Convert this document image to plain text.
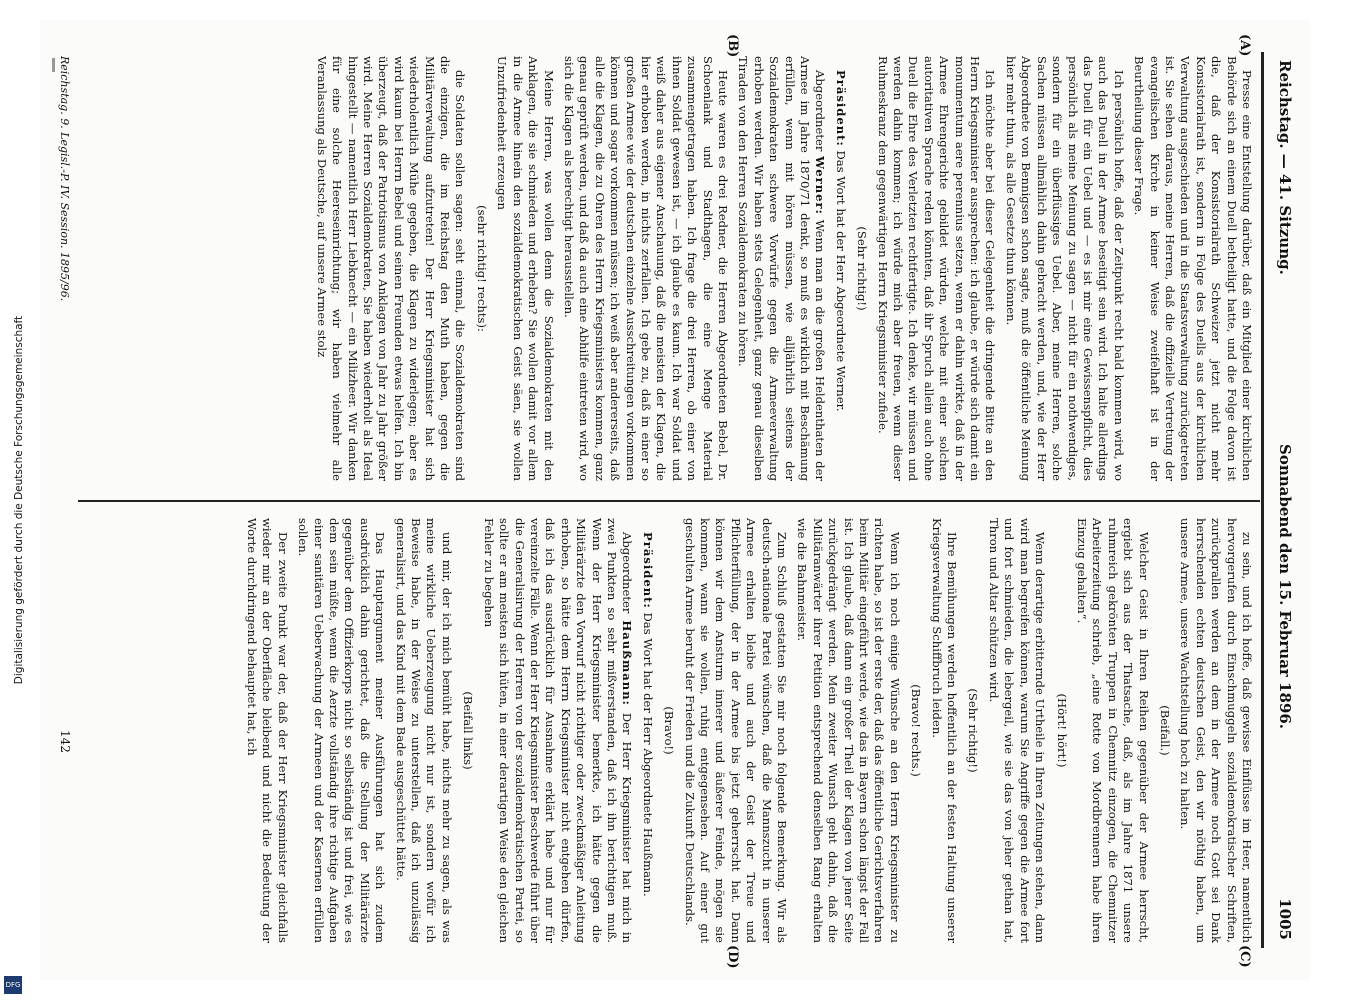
Reichstag. — 41. Sitzung.
Sonnabend den 15. Februar 1896.
1005
(A)
(B)
(C)
(D)

Presse eine Entstellung darüber, daß ein Mitglied einer kirchlichen Behörde sich an einem Duell betheiligt hatte, und die Folge davon ist die, daß der Konsistorialrath Schweizer jetzt nicht mehr Konsistorialrath ist, sondern in Folge des Duells aus der kirchlichen Verwaltung ausgeschieden und in die Staatsverwaltung zurückgetreten ist. Sie sehen daraus, meine Herren, daß die offizielle Vertretung der evangelischen Kirche in keiner Weise zweifelhaft ist in der Beurtheilung dieser Frage.

Ich persönlich hoffe, daß der Zeitpunkt recht bald kommen wird, wo auch das Duell in der Armee beseitigt sein wird. Ich halte allerdings das Duell für ein Uebel und — es ist mir eine Gewissenspflicht, dies persönlich als meine Meinung zu sagen — nicht für ein nothwendiges, sondern für ein überflüssiges Uebel. Aber, meine Herren, solche Sachen müssen allmählich dahin gebracht werden, und, wie der Herr Abgeordnete von Bennigsen schon sagte, muß die öffentliche Meinung hier mehr thun, als alle Gesetze thun können.

Ich möchte aber bei dieser Gelegenheit die dringende Bitte an den Herrn Kriegsminister aussprechen: ich glaube, er würde sich damit ein monumentum aere perennius setzen, wenn er dahin wirkte, daß in der Armee Ehrengerichte gebildet würden, welche mit einer solchen autoritativen Sprache reden könnten, daß ihr Spruch allein auch ohne Duell die Ehre des Verletzten rechtfertigte. Ich denke, wir müssen und werden dahin kommen; ich würde mich aber freuen, wenn dieser Ruhmeskranz dem gegenwärtigen Herrn Kriegsminister zufiele.

(Sehr richtig!)

Präsident: Das Wort hat der Herr Abgeordnete Werner.

Abgeordneter Werner: Wenn man an die großen Heldenthaten der Armee im Jahre 1870/71 denkt, so muß es wirklich mit Beschämung erfüllen, wenn mit hören müssen, wie alljährlich seitens der Sozialdemokraten schwere Vorwürfe gegen die Armeeverwaltung erhoben werden. Wir haben stets Gelegenheit, ganz genau dieselben Tiraden von den Herren Sozialdemokraten zu hören.

Heute waren es drei Redner, die Herren Abgeordneten Bebel, Dr. Schoenlank und Stadthagen, die eine Menge Material zusammengetragen haben. Ich frage die drei Herren, ob einer von ihnen Soldat gewesen ist, — ich glaube es kaum. Ich war Soldat und weiß daher aus eigener Anschauung, daß die meisten der Klagen, die hier erhoben werden, in nichts zerfallen. Ich gebe zu, daß in einer so großen Armee wie der deutschen einzelne Ausschreitungen vorkommen können und sogar vorkommen müssen; ich weiß aber andererseits, daß alle die Klagen, die zu Ohren des Herrn Kriegsministers kommen, ganz genau geprüft werden, und daß da auch eine Abhilfe eintreten wird, wo sich die Klagen als berechtigt herausstellen.

Meine Herren, was wollen denn die Sozialdemokraten mit den Anklagen, die sie schmieden und erheben? Sie wollen damit vor allem in die Armee hinein den sozialdemokratischen Geist säen, sie wollen Unzufriedenheit erzeugen

(sehr richtig! rechts):

die Soldaten sollen sagen: seht einmal, die Sozialdemokraten sind die einzigen, die im Reichstag den Muth haben, gegen die Militärverwaltung aufzutreten! Der Herr Kriegsminister hat sich wiederholentlich Mühe gegeben, die Klagen zu widerlegen; aber es wird kaum bei Herrn Bebel und seinen Freunden etwas helfen. Ich bin überzeugt, daß der Patriotismus von Anklagen von Jahr zu Jahr größer wird. Meine Herren Sozialdemokraten, Sie haben wiederholt als Ideal hingestellt — namentlich Herr Liebknecht — ein Milizheer. Wir danken für eine solche Heereseinrichtung; wir haben vielmehr alle Veranlassung als Deutsche, auf unsere Armee stolz

zu sein, und ich hoffe, daß gewisse Einflüsse im Heer, namentlich hervorgerufen durch Einschmuggeln sozialdemokratischer Schriften, zurückprallen werden an dem in der Armee noch Gott sei Dank herrschenden echten deutschen Geist, den wir nöthig haben, um unsere Armee, unsere Wachtstellung hoch zu halten.

(Beifall.)

Welcher Geist in Ihren Reihen gegenüber der Armee herrscht, ergiebt sich aus der Thatsache, daß, als im Jahre 1871 unsere ruhmreich gekrönten Truppen in Chemnitz einzogen, die Chemnitzer Arbeiterzeitung schrieb, „eine Rotte von Mordbrennern habe ihren Einzug gehalten“.

(Hört! hört!)

Wenn derartige erbitternde Urtheile in Ihren Zeitungen stehen, dann wird man begreifen können, warum Sie Angriffe gegen die Armee fort und fort schmieden, die lebergeil, wie sie das von jeher gethan hat, Thron und Altar schützen wird.

(Sehr richtig!)

Ihre Bemühungen werden hoffentlich an der festen Haltung unserer Kriegsverwaltung Schiffbruch leiden.

(Bravo! rechts.)

Wenn ich noch einige Wünsche an den Herrn Kriegsminister zu richten habe, so ist der erste der, daß das öffentliche Gerichtsverfahren beim Militär eingeführt werde, wie das in Bayern schon längst der Fall ist. Ich glaube, daß dann ein großer Theil der Klagen von jener Seite zurückgedrängt werden. Mein zweiter Wunsch geht dahin, daß die Militäranwärter ihrer Petition entsprechend denselben Rang erhalten wie die Bahnmeister.

Zum Schluß gestatten Sie mir noch folgende Bemerkung. Wir als deutsch-nationale Partei wünschen, daß die Mannszucht in unserer Armee erhalten bleibe und auch der Geist der Treue und Pflichterfüllung, der in der Armee bis jetzt geherrscht hat. Dann können wir dem Ansturm innerer und äußerer Feinde, mögen sie kommen, wann sie wollen, ruhig entgegensehen. Auf einer gut geschulten Armee beruht der Frieden und die Zukunft Deutschlands.

(Bravo!)

Präsident: Das Wort hat der Herr Abgeordnete Haußmann.

Abgeordneter Haußmann: Der Herr Kriegsminister hat mich in zwei Punkten so sehr mißverstanden, daß ich ihn berichtigen muß. Wenn der Herr Kriegsminister bemerkte, ich hätte gegen die Militärärzte den Vorwurf nicht richtiger oder zweckmäßiger Anleitung erhoben, so hätte dem Herrn Kriegsminister nicht entgehen dürfen, daß ich das ausdrücklich für Ausnahme erklärt habe und nur für vereinzelte Fälle. Wenn der Herr Kriegsminister Beschwerde führt über die Generalisirung der Herren von der sozialdemokratischen Partei, so sollte er am meisten sich hüten, in einer derartigen Weise den gleichen Fehler zu begehen

(Beifall links)

und mir, der ich mich bemüht habe, nichts mehr zu sagen, als was meine wirkliche Ueberzeugung nicht nur ist, sondern wofür ich Beweise habe, in der Weise zu unterstellen, daß ich unzulässig generalisirt, und das Kind mit dem Bade ausgeschüttet hätte.

Das Hauptargument meiner Ausführungen hat sich zudem ausdrücklich dahin gerichtet, daß die Stellung der Militärärzte gegenüber dem Offizierkorps nicht so selbständig ist und frei, wie es dem sein müßte, wenn die Aerzte vollständig ihre richtige Aufgaben einer sanitären Ueberwachung der Armeen und der Kasernen erfüllen sollen.

Der zweite Punkt war der, daß der Herr Kriegsminister gleichfalls wieder mir an der Oberfläche bleibend und nicht die Bedeutung der Worte durchdringend behauptet hat, ich

Reichstag. 9. Legisl.-P. IV. Session. 1895/96.
142
Digitalisierung gefördert durch die Deutsche Forschungsgemeinschaft
DFG
